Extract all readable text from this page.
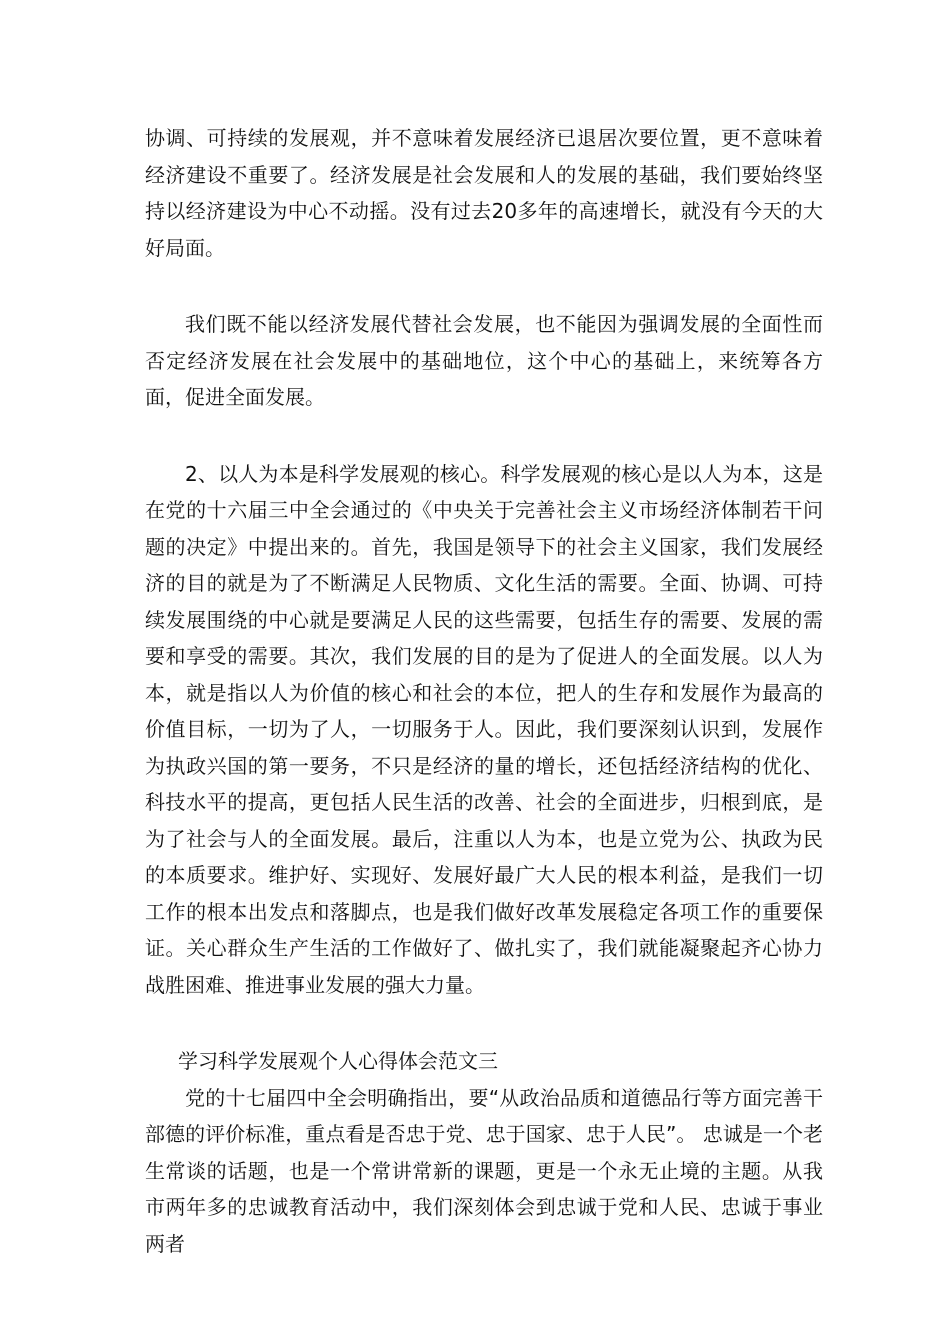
协调、可持续的发展观，并不意味着发展经济已退居次要位置，更不意味着经济建设不重要了。经济发展是社会发展和人的发展的基础，我们要始终坚持以经济建设为中心不动摇。没有过去20多年的高速增长，就没有今天的大好局面。

我们既不能以经济发展代替社会发展，也不能因为强调发展的全面性而否定经济发展在社会发展中的基础地位，这个中心的基础上，来统筹各方面，促进全面发展。

2、以人为本是科学发展观的核心。科学发展观的核心是以人为本，这是在党的十六届三中全会通过的《中央关于完善社会主义市场经济体制若干问题的决定》中提出来的。首先，我国是领导下的社会主义国家，我们发展经济的目的就是为了不断满足人民物质、文化生活的需要。全面、协调、可持续发展围绕的中心就是要满足人民的这些需要，包括生存的需要、发展的需要和享受的需要。其次，我们发展的目的是为了促进人的全面发展。以人为本，就是指以人为价值的核心和社会的本位，把人的生存和发展作为最高的价值目标，一切为了人，一切服务于人。因此，我们要深刻认识到，发展作为执政兴国的第一要务，不只是经济的量的增长，还包括经济结构的优化、科技水平的提高，更包括人民生活的改善、社会的全面进步，归根到底，是为了社会与人的全面发展。最后，注重以人为本，也是立党为公、执政为民的本质要求。维护好、实现好、发展好最广大人民的根本利益，是我们一切工作的根本出发点和落脚点，也是我们做好改革发展稳定各项工作的重要保证。关心群众生产生活的工作做好了、做扎实了，我们就能凝聚起齐心协力战胜困难、推进事业发展的强大力量。

学习科学发展观个人心得体会范文三

党的十七届四中全会明确指出，要“从政治品质和道德品行等方面完善干部德的评价标准，重点看是否忠于党、忠于国家、忠于人民”。 忠诚是一个老生常谈的话题，也是一个常讲常新的课题，更是一个永无止境的主题。从我市两年多的忠诚教育活动中，我们深刻体会到忠诚于党和人民、忠诚于事业两者
